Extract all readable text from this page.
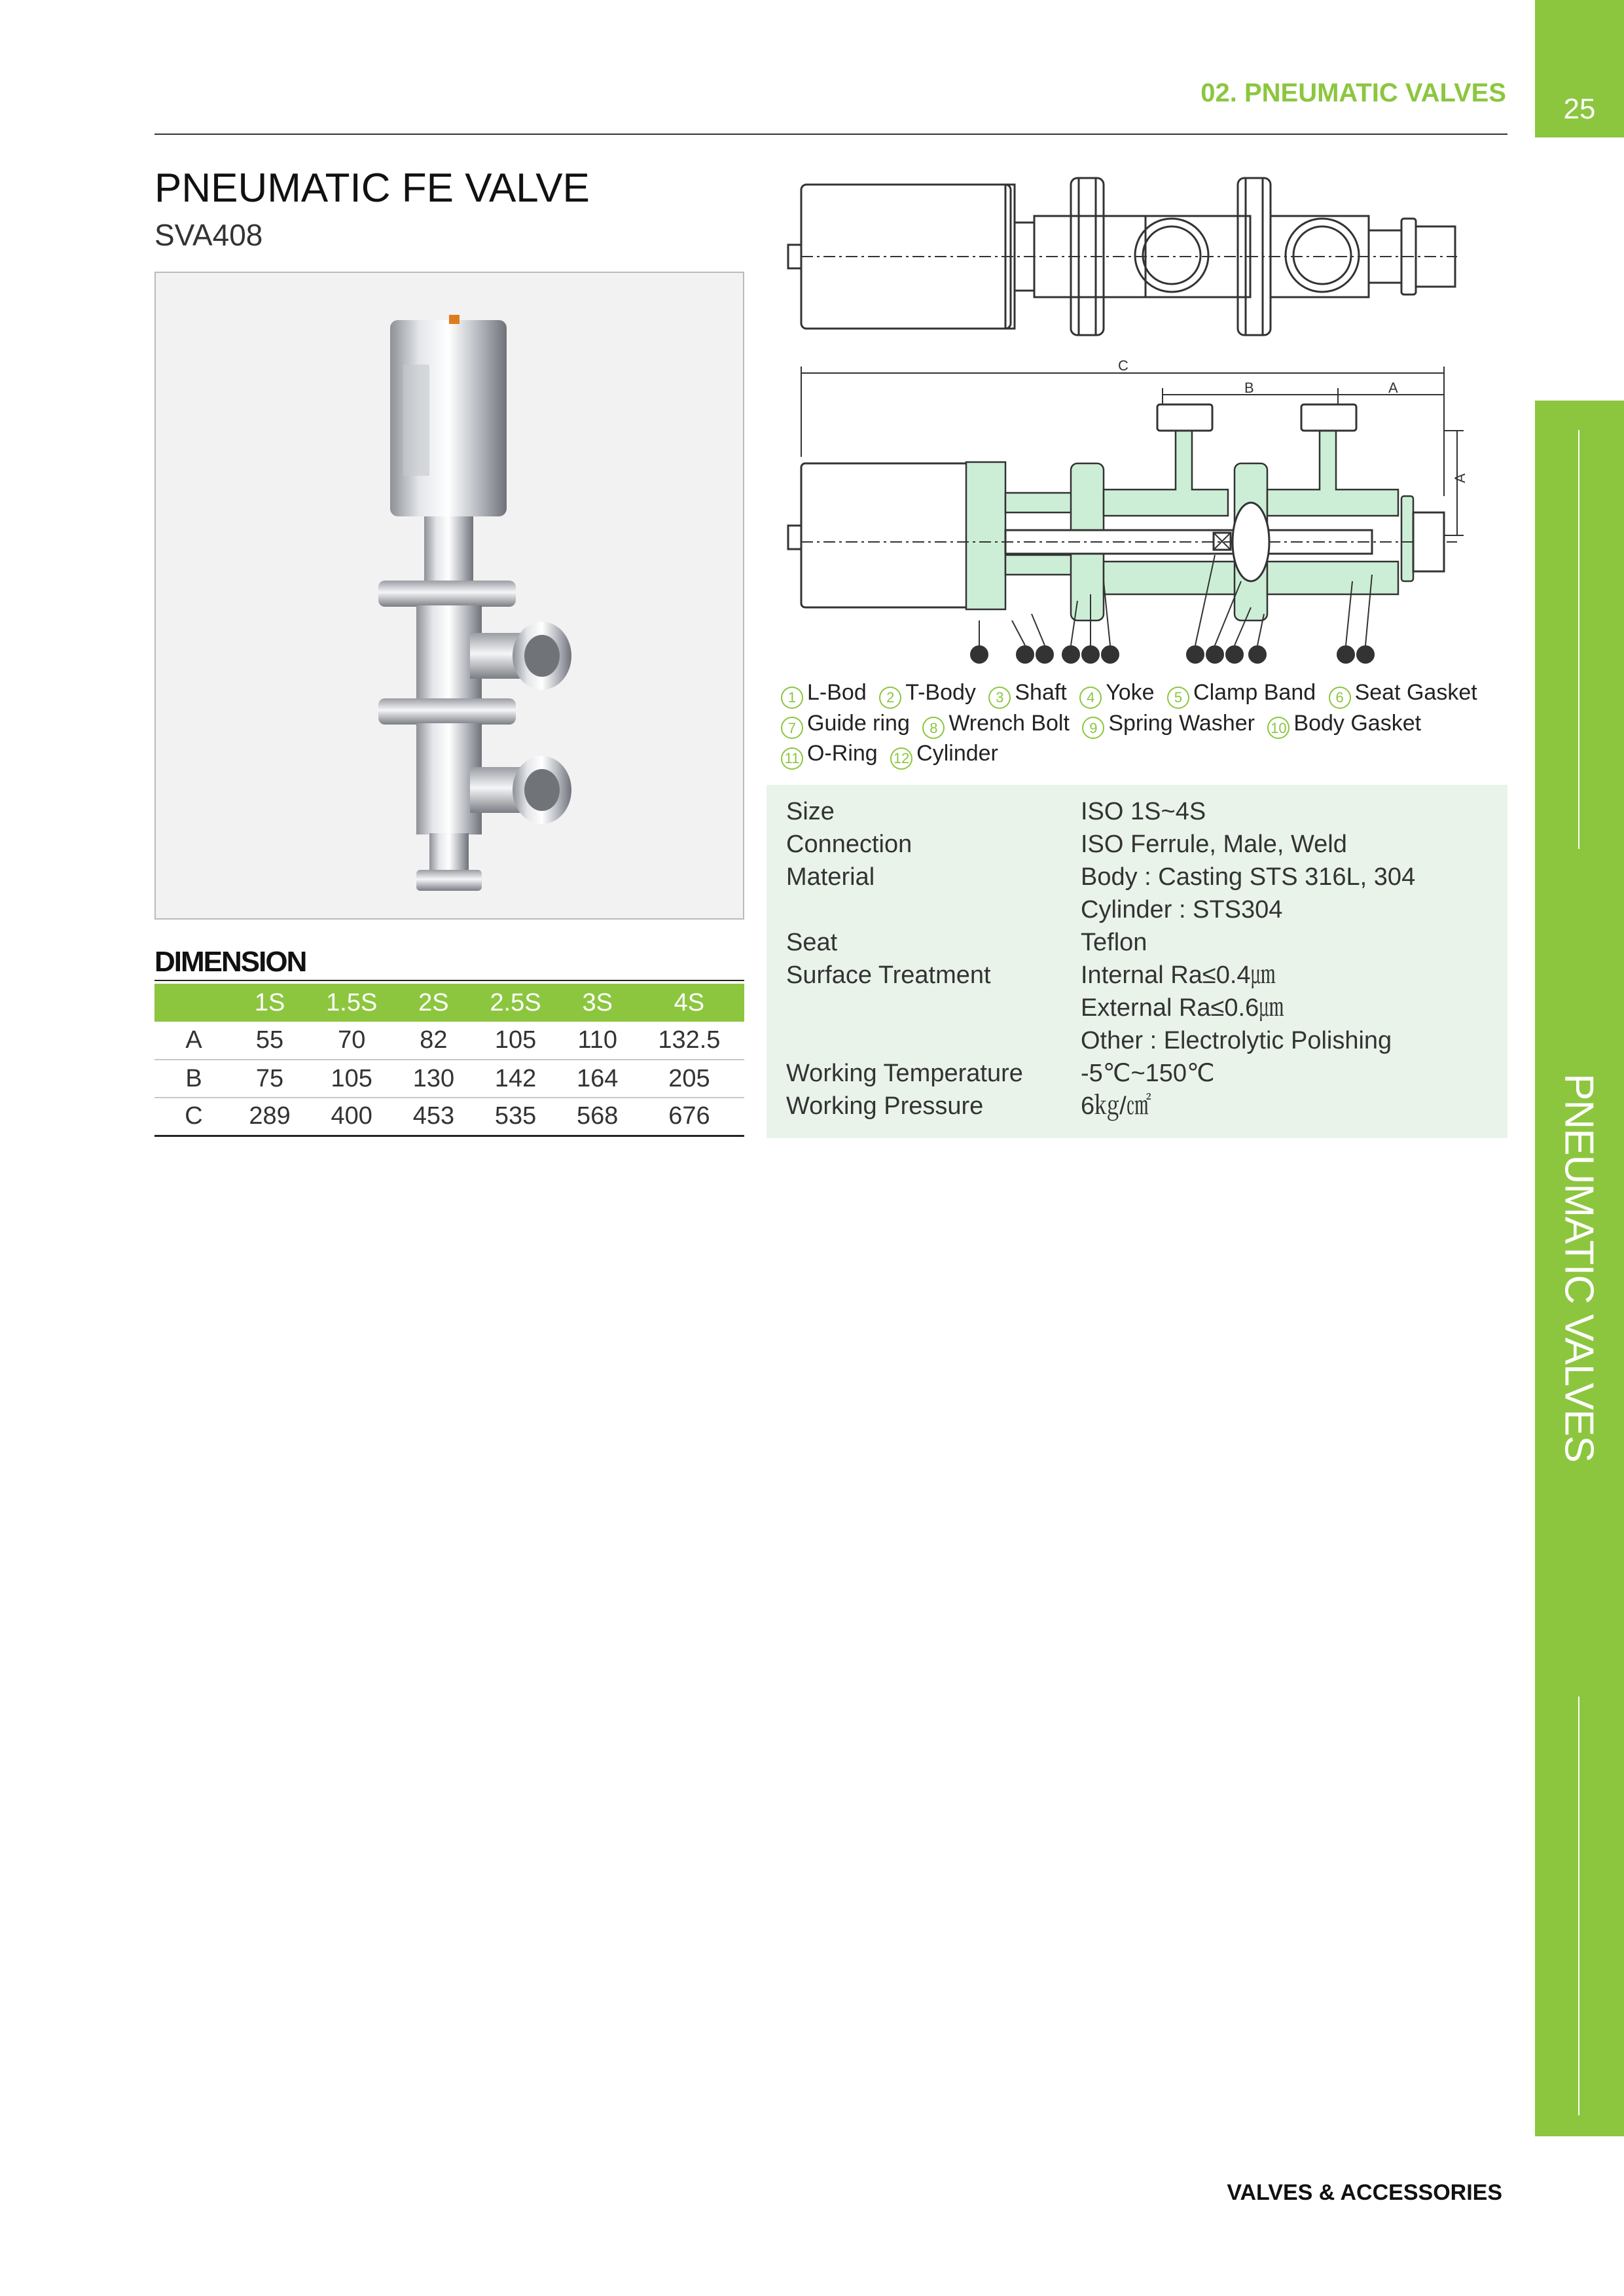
25
PNEUMATIC VALVES
02. PNEUMATIC VALVES
PNEUMATIC FE VALVE
SVA408
DIMENSION
	1S	1.5S	2S	2.5S	3S	4S
A	55	70	82	105	110	132.5
B	75	105	130	142	164	205
C	289	400	453	535	568	676
C
B	A
A
12	9 8 4 7 11	3 2 10 5	6 1
1 L-Bod 2 T-Body 3 Shaft 4 Yoke 5 Clamp Band 6 Seat Gasket
7 Guide ring 8 Wrench Bolt 9 Spring Washer 10 Body Gasket
11 O-Ring 12 Cylinder
Size	ISO 1S~4S
Connection	ISO Ferrule, Male, Weld
Material	Body : Casting STS 316L, 304
Cylinder : STS304
Seat	Teflon
Surface Treatment	Internal Ra≤0.4㎛
External Ra≤0.6㎛
Other : Electrolytic Polishing
Working Temperature	-5℃~150℃
Working Pressure	6㎏/㎠
VALVES & ACCESSORIES
